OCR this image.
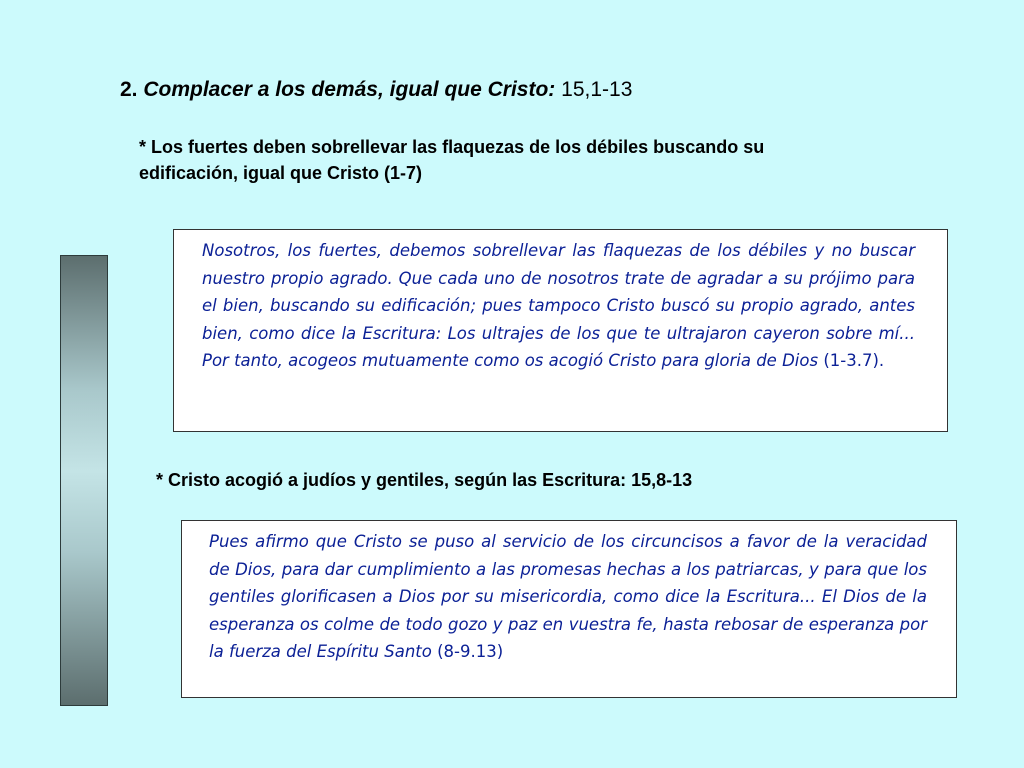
2. Complacer a los demás, igual que Cristo: 15,1-13
* Los fuertes deben sobrellevar las flaquezas de los débiles buscando su edificación, igual que Cristo (1-7)
Nosotros, los fuertes, debemos sobrellevar las flaquezas de los débiles y no buscar nuestro propio agrado. Que cada uno de nosotros trate de agradar a su prójimo para el bien, buscando su edificación; pues tampoco Cristo buscó su propio agrado, antes bien, como dice la Escritura: Los ultrajes de los que te ultrajaron cayeron sobre mí... Por tanto, acogeos mutuamente como os acogió Cristo para gloria de Dios (1-3.7).
* Cristo acogió a judíos y gentiles, según las Escritura: 15,8-13
Pues afirmo que Cristo se puso al servicio de los circuncisos a favor de la veracidad de Dios, para dar cumplimiento a las promesas hechas a los patriarcas, y para que los gentiles glorificasen a Dios por su misericordia, como dice la Escritura... El Dios de la esperanza os colme de todo gozo y paz en vuestra fe, hasta rebosar de esperanza por la fuerza del Espíritu Santo (8-9.13)
